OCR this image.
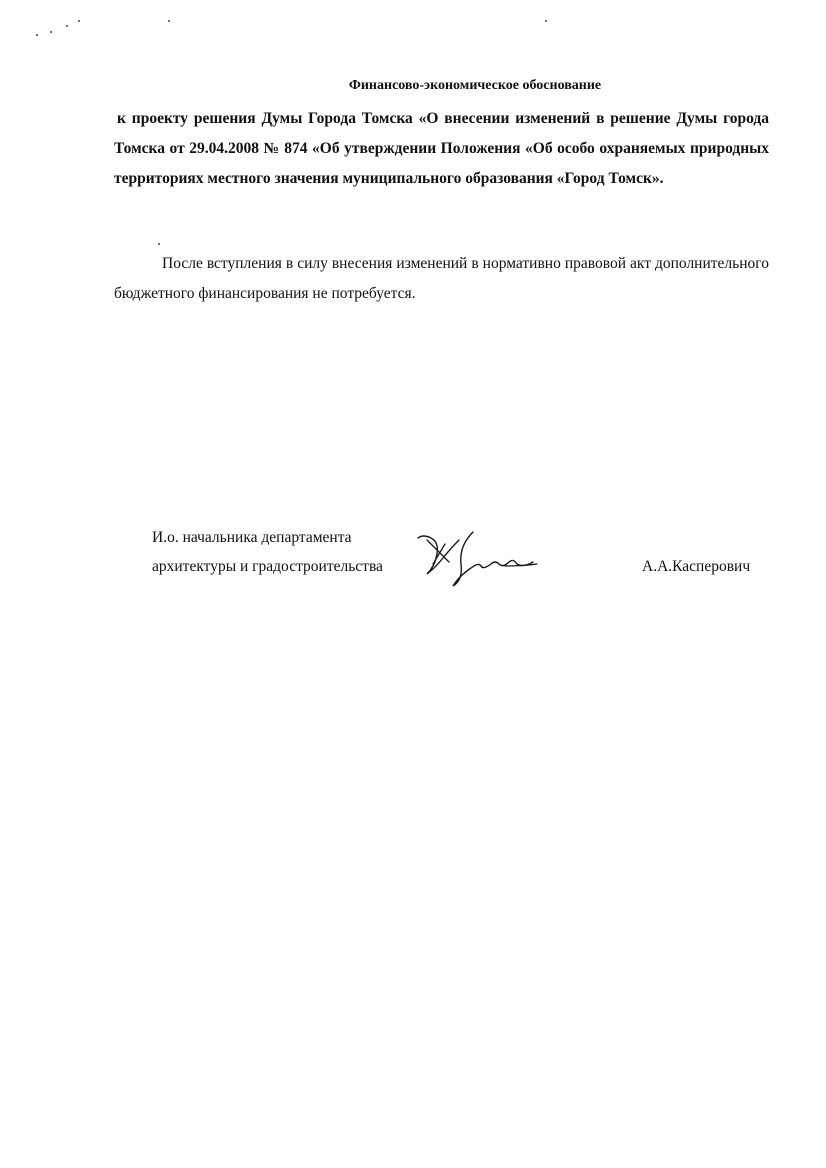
Финансово-экономическое обоснование
к проекту решения Думы Города Томска «О внесении изменений в решение Думы города Томска от 29.04.2008 № 874 «Об утверждении Положения «Об особо охраняемых природных территориях местного значения муниципального образования «Город Томск».
После вступления в силу внесения изменений в нормативно правовой акт дополнительного бюджетного финансирования не потребуется.
И.о. начальника департамента
архитектуры и градостроительства	А.А.Касперович
